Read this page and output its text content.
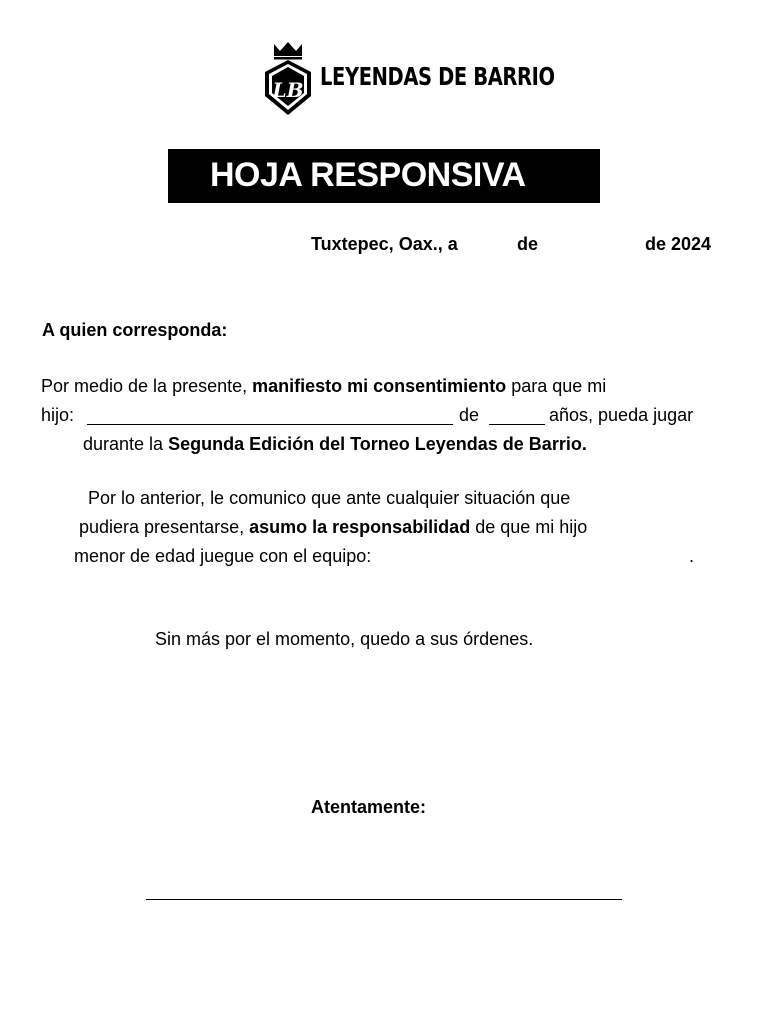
LB LEYENDAS DE BARRIO
HOJA RESPONSIVA
Tuxtepec, Oax., a	de	de 2024
A quien corresponda:
Por medio de la presente, manifiesto mi consentimiento para que mi
hijo:	de	años, pueda jugar
durante la Segunda Edición del Torneo Leyendas de Barrio.
Por lo anterior, le comunico que ante cualquier situación que
pudiera presentarse, asumo la responsabilidad de que mi hijo
menor de edad juegue con el equipo:	.
Sin más por el momento, quedo a sus órdenes.
Atentamente:
